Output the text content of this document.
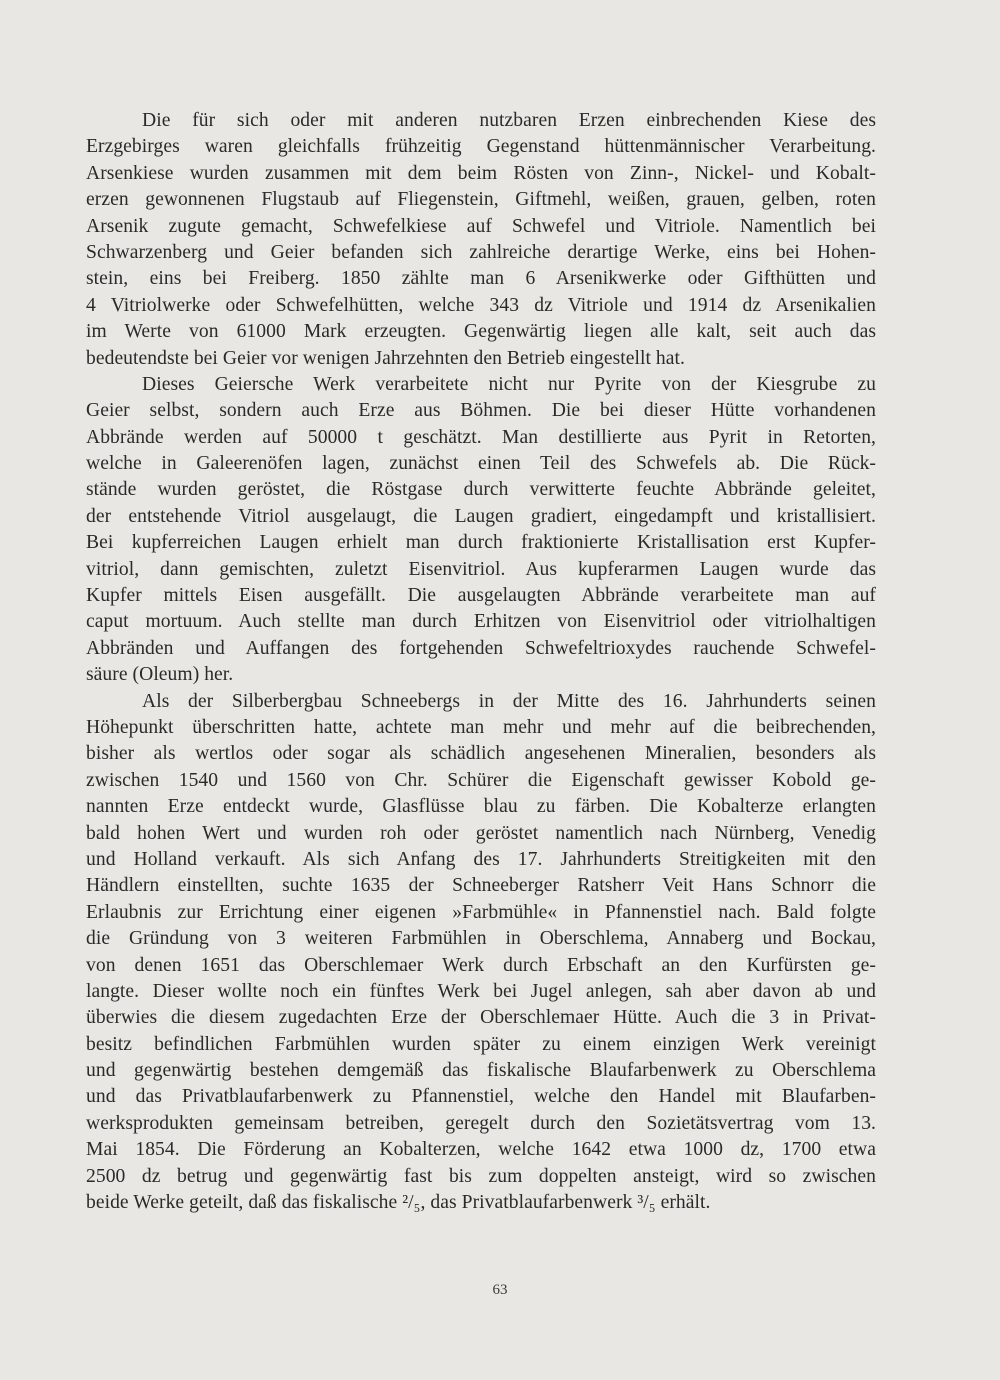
Die für sich oder mit anderen nutzbaren Erzen einbrechenden Kiese des
Erzgebirges waren gleichfalls frühzeitig Gegenstand hüttenmännischer Verarbeitung.
Arsenkiese wurden zusammen mit dem beim Rösten von Zinn-, Nickel- und Kobalt-
erzen gewonnenen Flugstaub auf Fliegenstein, Giftmehl, weißen, grauen, gelben, roten
Arsenik zugute gemacht, Schwefelkiese auf Schwefel und Vitriole. Namentlich bei
Schwarzenberg und Geier befanden sich zahlreiche derartige Werke, eins bei Hohen-
stein, eins bei Freiberg. 1850 zählte man 6 Arsenikwerke oder Gifthütten und
4 Vitriolwerke oder Schwefelhütten, welche 343 dz Vitriole und 1914 dz Arsenikalien
im Werte von 61000 Mark erzeugten. Gegenwärtig liegen alle kalt, seit auch das
bedeutendste bei Geier vor wenigen Jahrzehnten den Betrieb eingestellt hat.
Dieses Geiersche Werk verarbeitete nicht nur Pyrite von der Kiesgrube zu
Geier selbst, sondern auch Erze aus Böhmen. Die bei dieser Hütte vorhandenen
Abbrände werden auf 50000 t geschätzt. Man destillierte aus Pyrit in Retorten,
welche in Galeerenöfen lagen, zunächst einen Teil des Schwefels ab. Die Rück-
stände wurden geröstet, die Röstgase durch verwitterte feuchte Abbrände geleitet,
der entstehende Vitriol ausgelaugt, die Laugen gradiert, eingedampft und kristallisiert.
Bei kupferreichen Laugen erhielt man durch fraktionierte Kristallisation erst Kupfer-
vitriol, dann gemischten, zuletzt Eisenvitriol. Aus kupferarmen Laugen wurde das
Kupfer mittels Eisen ausgefällt. Die ausgelaugten Abbrände verarbeitete man auf
caput mortuum. Auch stellte man durch Erhitzen von Eisenvitriol oder vitriolhaltigen
Abbränden und Auffangen des fortgehenden Schwefeltrioxydes rauchende Schwefel-
säure (Oleum) her.
Als der Silberbergbau Schneebergs in der Mitte des 16. Jahrhunderts seinen
Höhepunkt überschritten hatte, achtete man mehr und mehr auf die beibrechenden,
bisher als wertlos oder sogar als schädlich angesehenen Mineralien, besonders als
zwischen 1540 und 1560 von Chr. Schürer die Eigenschaft gewisser Kobold ge-
nannten Erze entdeckt wurde, Glasflüsse blau zu färben. Die Kobalterze erlangten
bald hohen Wert und wurden roh oder geröstet namentlich nach Nürnberg, Venedig
und Holland verkauft. Als sich Anfang des 17. Jahrhunderts Streitigkeiten mit den
Händlern einstellten, suchte 1635 der Schneeberger Ratsherr Veit Hans Schnorr die
Erlaubnis zur Errichtung einer eigenen »Farbmühle« in Pfannenstiel nach. Bald folgte
die Gründung von 3 weiteren Farbmühlen in Oberschlema, Annaberg und Bockau,
von denen 1651 das Oberschlemaer Werk durch Erbschaft an den Kurfürsten ge-
langte. Dieser wollte noch ein fünftes Werk bei Jugel anlegen, sah aber davon ab und
überwies die diesem zugedachten Erze der Oberschlemaer Hütte. Auch die 3 in Privat-
besitz befindlichen Farbmühlen wurden später zu einem einzigen Werk vereinigt
und gegenwärtig bestehen demgemäß das fiskalische Blaufarbenwerk zu Oberschlema
und das Privatblaufarbenwerk zu Pfannenstiel, welche den Handel mit Blaufarben-
werksprodukten gemeinsam betreiben, geregelt durch den Sozietätsvertrag vom 13.
Mai 1854. Die Förderung an Kobalterzen, welche 1642 etwa 1000 dz, 1700 etwa
2500 dz betrug und gegenwärtig fast bis zum doppelten ansteigt, wird so zwischen
beide Werke geteilt, daß das fiskalische ²/₅, das Privatblaufarbenwerk ³/₅ erhält.
63
